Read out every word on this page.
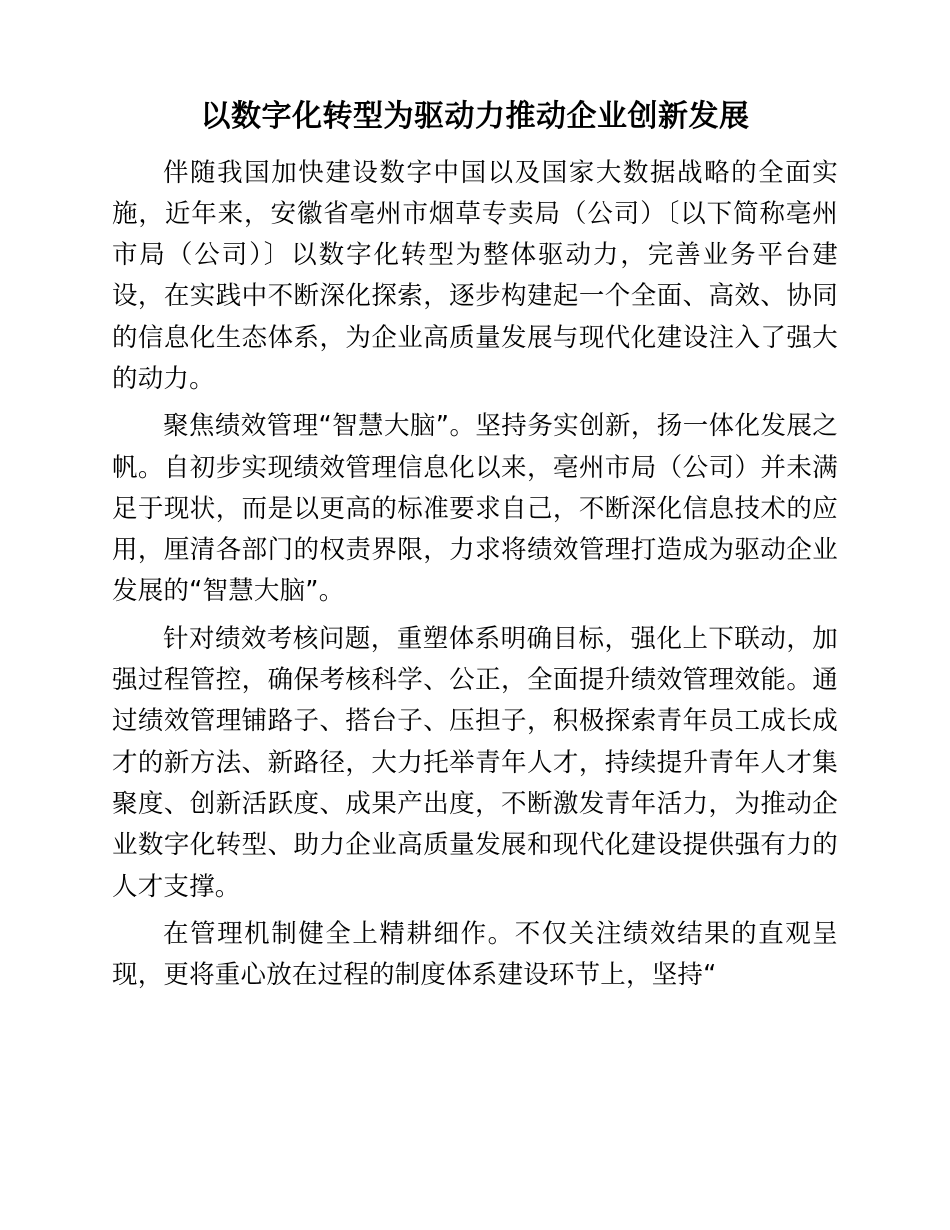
以数字化转型为驱动力推动企业创新发展

伴随我国加快建设数字中国以及国家大数据战略的全面实施，近年来，安徽省亳州市烟草专卖局（公司）〔以下简称亳州市局（公司）〕以数字化转型为整体驱动力，完善业务平台建设，在实践中不断深化探索，逐步构建起一个全面、高效、协同的信息化生态体系，为企业高质量发展与现代化建设注入了强大的动力。

聚焦绩效管理“智慧大脑”。坚持务实创新，扬一体化发展之帆。自初步实现绩效管理信息化以来，亳州市局（公司）并未满足于现状，而是以更高的标准要求自己，不断深化信息技术的应用，厘清各部门的权责界限，力求将绩效管理打造成为驱动企业发展的“智慧大脑”。

针对绩效考核问题，重塑体系明确目标，强化上下联动，加强过程管控，确保考核科学、公正，全面提升绩效管理效能。通过绩效管理铺路子、搭台子、压担子，积极探索青年员工成长成才的新方法、新路径，大力托举青年人才，持续提升青年人才集聚度、创新活跃度、成果产出度，不断激发青年活力，为推动企业数字化转型、助力企业高质量发展和现代化建设提供强有力的人才支撑。

在管理机制健全上精耕细作。不仅关注绩效结果的直观呈现，更将重心放在过程的制度体系建设环节上，坚持“
